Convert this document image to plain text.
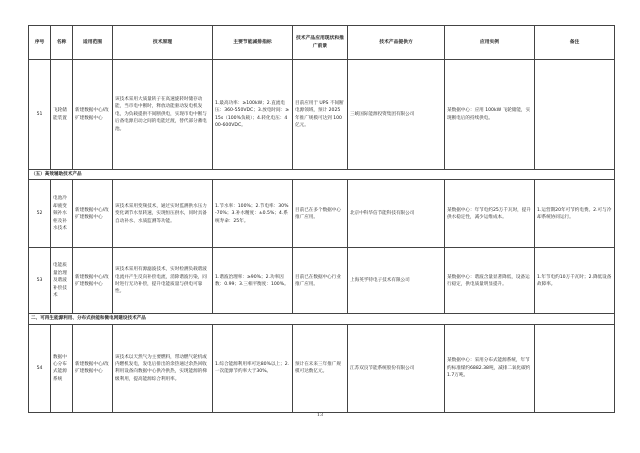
序号	名称	适用范围	技术原理	主要节能减排指标	技术产品应用现状和推广前景	技术产品提供方	应用实例	备注
51	飞轮储能装置	新建数据中心/改扩建数据中心	该技术采用大质量转子在高速旋转时储存动能，当市电中断时，释放动能驱动发电机发电，为负载提供不间断供电，实现市电中断与后备电源启动之间的电能过渡，替代部分蓄电池。	1.最高功率：≥100kW；2.直流电压：360-550VDC；3.放电时间：≥15s（100%负载）；4.转化电压：400-600VDC。	目前应用于 UPS 不间断电源领域，预计 2025 年推广规模可达到 100 亿元。	三峡国际能源投资集团有限公司	某数据中心：应用 100kW 飞轮储能，实现断电后的持续供电。	
（五）高效辅助技术产品								
52	电池冷却液变频补水柜及补水技术	新建数据中心/改扩建数据中心	该技术采用变频技术，通过实时监测供水压力变化调节水泵转速，实现恒压供水，同时具备自动补水、水质监测等功能。	1.节水率：100%；2.节电率：30%-70%；3.补水精度：±0.5%；4.系统寿命：25年。	目前已在多个数据中心推广应用。	北京中科华信节能科技有限公司	某数据中心：年节电约25万千瓦时，提升供水稳定性，减少运维成本。	1.运营期20年可节约电费。2.可与冷却系统协同运行。
53	电能质量治理及谐波补偿技术	新建数据中心/改扩建数据中心	该技术采用有源滤波技术，实时检测负载谐波电流并产生反向补偿电流，消除谐波污染，同时进行无功补偿，提升电能质量与供电可靠性。	1.谐波治理率：≥90%；2.功率因数：0.99；3.三相平衡度：100%。	目前已在数据中心行业推广应用。	上海英孚特电子技术有限公司	某数据中心：谐波含量显著降低，设备运行稳定，供电质量明显提升。	1.年节电约10万千瓦时；2.降低设备故障率。
二、可再生能源利用、分布式供能和微电网建设技术产品								
54	数据中心分布式能源系统	新建数据中心/改扩建数据中心	该技术以天然气为主要燃料，带动燃气轮机或内燃机发电，发电后排出的余热通过余热回收利用设备向数据中心供冷供热，实现能源的梯级利用，提高能源综合利用率。	1.综合能源利用率可达80%以上；2.一次能源节约率大于30%。	预计在未来三年推广规模可达数亿元。	江苏双良节能系统股份有限公司	某数据中心：采用分布式能源系统，年节约标准煤约6882.38吨，减排二氧化碳约1.7万吨。	
13
